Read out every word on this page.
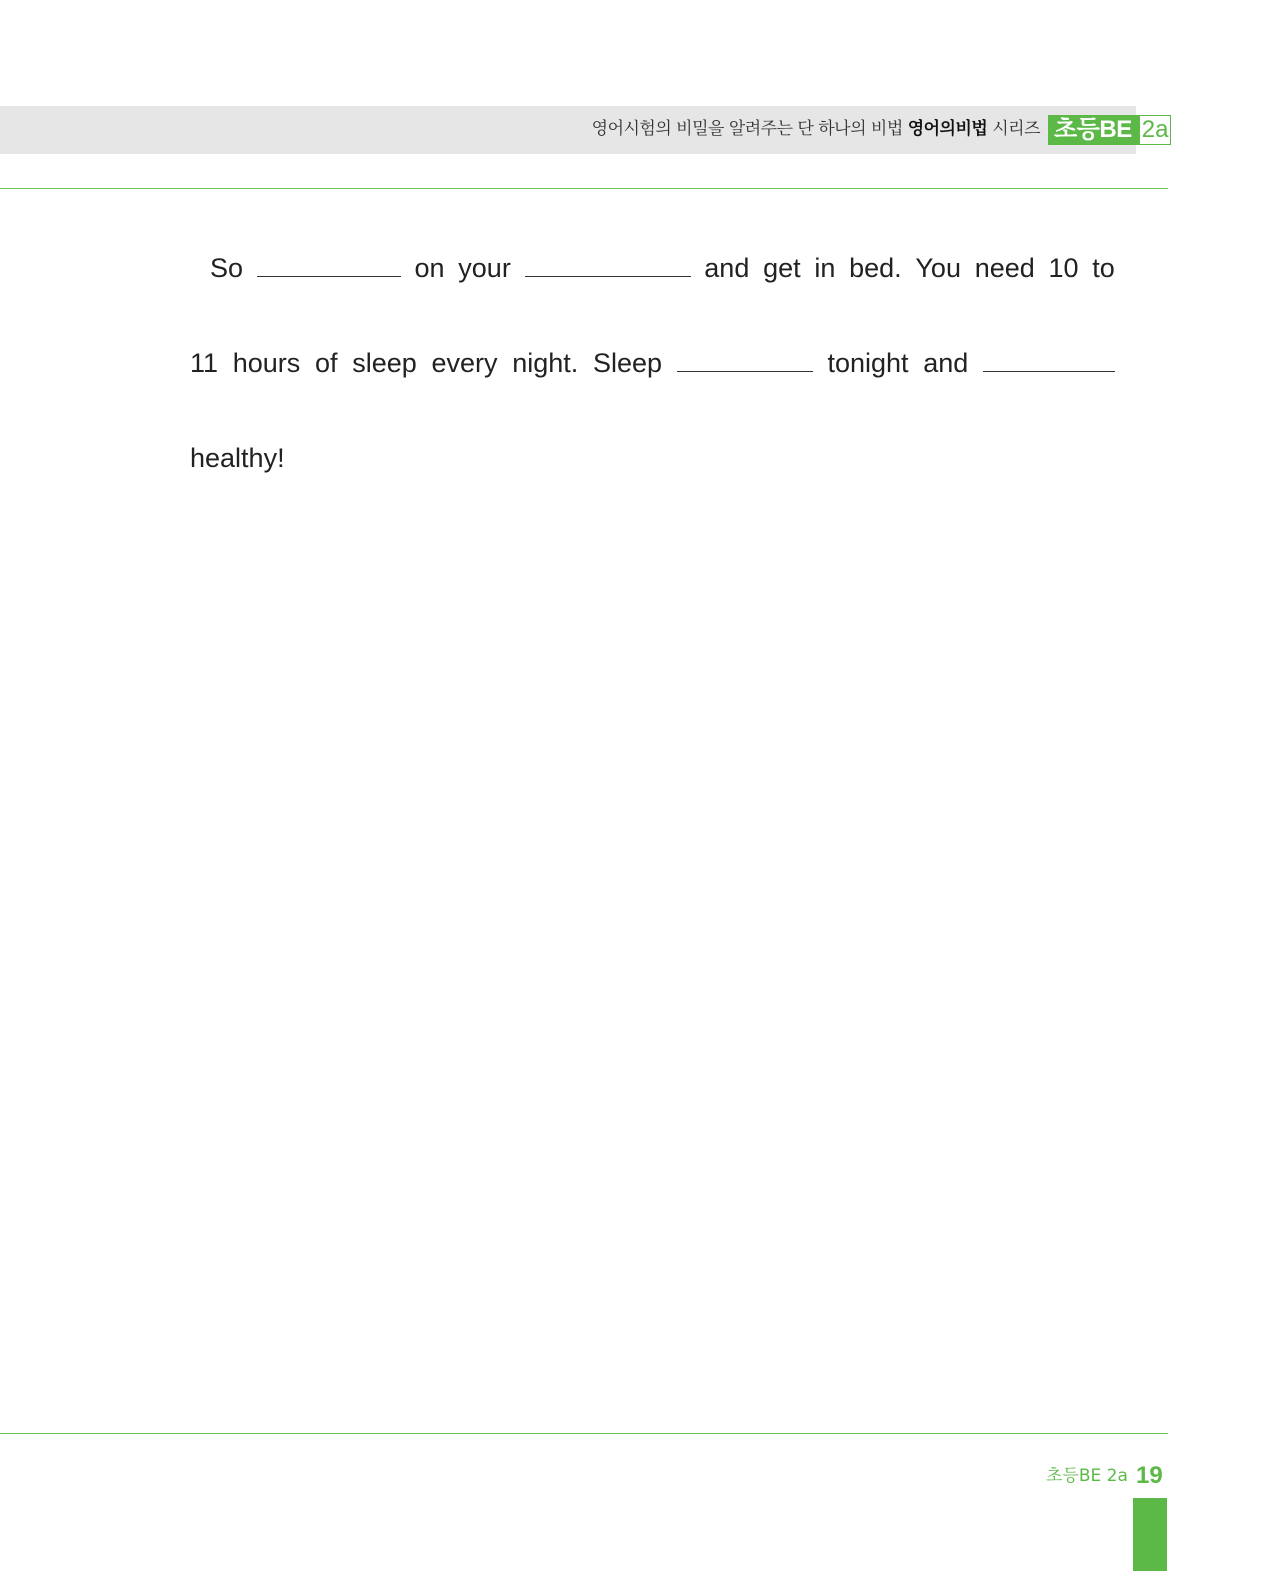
영어시험의 비밀을 알려주는 단 하나의 비법 영어의비법 시리즈 초등BE 2a
So	on your	and get in bed. You need 10 to
11 hours of sleep every night. Sleep	tonight and
healthy!
초등BE 2a 19
